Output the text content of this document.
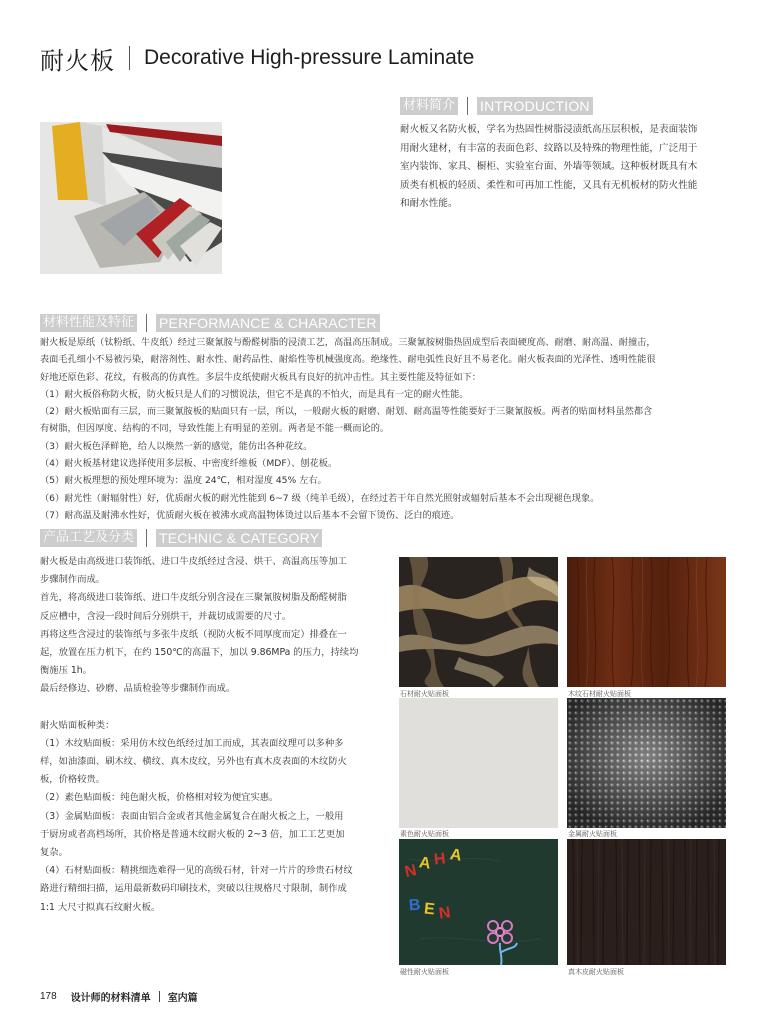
耐火板 Decorative High-pressure Laminate
材料简介 INTRODUCTION

耐火板又名防火板，学名为热固性树脂浸渍纸高压层积板，是表面装饰

用耐火建材，有丰富的表面色彩、纹路以及特殊的物理性能，广泛用于

室内装饰、家具、橱柜、实验室台面、外墙等领域。这种板材既具有木

质类有机板的轻质、柔性和可再加工性能，又具有无机板材的防火性能

和耐水性能。

材料性能及特征 PERFORMANCE & CHARACTER

耐火板是原纸（钛粉纸、牛皮纸）经过三聚氰胺与酚醛树脂的浸渍工艺，高温高压制成。三聚氰胺树脂热固成型后表面硬度高、耐磨、耐高温、耐撞击，

表面毛孔细小不易被污染，耐溶剂性、耐水性、耐药品性、耐焰性等机械强度高。绝缘性、耐电弧性良好且不易老化。耐火板表面的光泽性、透明性能很

好地还原色彩、花纹，有极高的仿真性。多层牛皮纸使耐火板具有良好的抗冲击性。其主要性能及特征如下：

（1）耐火板俗称防火板，防火板只是人们的习惯说法，但它不是真的不怕火，而是具有一定的耐火性能。

（2）耐火板贴面有三层，而三聚氰胺板的贴面只有一层，所以，一般耐火板的耐磨、耐划、耐高温等性能要好于三聚氰胺板。两者的贴面材料虽然都含

有树脂，但因厚度、结构的不同，导致性能上有明显的差别。两者是不能一概而论的。

（3）耐火板色泽鲜艳，给人以焕然一新的感觉，能仿出各种花纹。

（4）耐火板基材建议选择使用多层板、中密度纤维板（MDF）、刨花板。

（5）耐火板理想的预处理环境为：温度 24℃，相对湿度 45% 左右。

（6）耐光性（耐辐射性）好，优质耐火板的耐光性能到 6~7 级（纯羊毛级），在经过若干年自然光照射或辐射后基本不会出现褪色现象。

（7）耐高温及耐沸水性好，优质耐火板在被沸水或高温物体烫过以后基本不会留下烫伤、泛白的痕迹。

产品工艺及分类 TECHNIC & CATEGORY

耐火板是由高级进口装饰纸、进口牛皮纸经过含浸、烘干、高温高压等加工

步骤制作而成。

首先，将高级进口装饰纸、进口牛皮纸分别含浸在三聚氰胺树脂及酚醛树脂

反应槽中，含浸一段时间后分别烘干，并裁切成需要的尺寸。

再将这些含浸过的装饰纸与多张牛皮纸（视防火板不同厚度而定）排叠在一

起，放置在压力机下，在约 150℃的高温下，加以 9.86MPa 的压力，持续均

衡施压 1h。

最后经修边、砂磨、品质检验等步骤制作而成。

耐火贴面板种类：

（1）木纹贴面板：采用仿木纹色纸经过加工而成，其表面纹理可以多种多

样，如油漆面、刷木纹、横纹、真木皮纹，另外也有真木皮表面的木纹防火

板，价格较贵。

（2）素色贴面板：纯色耐火板，价格相对较为便宜实惠。

（3）金属贴面板：表面由铝合金或者其他金属复合在耐火板之上，一般用

于厨房或者高档场所，其价格是普通木纹耐火板的 2~3 倍，加工工艺更加

复杂。

（4）石材贴面板：精挑细选难得一见的高级石材，针对一片片的珍贵石材纹

路进行精细扫描，运用最新数码印刷技术，突破以往规格尺寸限制，制作成

1:1 大尺寸拟真石纹耐火板。

石材耐火贴面板	木纹石材耐火贴面板
素色耐火贴面板	金属耐火贴面板
N A H A
B E N
磁性耐火贴面板	真木皮耐火贴面板
178 设计师的材料清单 室内篇
